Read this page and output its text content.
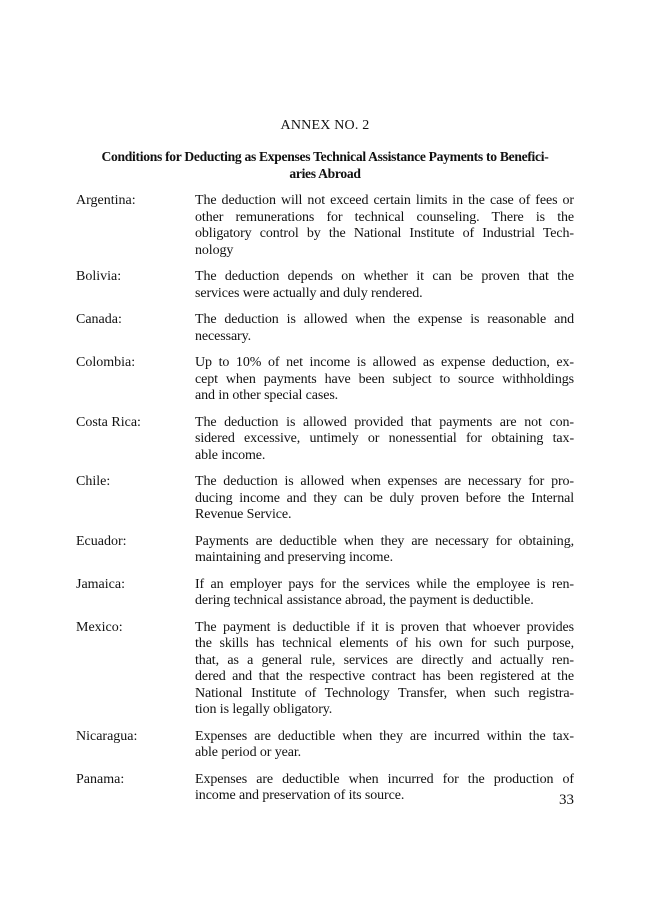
ANNEX NO. 2
Conditions for Deducting as Expenses Technical Assistance Payments to Benefici-
aries Abroad
Argentina:	The deduction will not exceed certain limits in the case of fees or
other remunerations for technical counseling. There is the
obligatory control by the National Institute of Industrial Tech-
nology
Bolivia:	The deduction depends on whether it can be proven that the
services were actually and duly rendered.
Canada:	The deduction is allowed when the expense is reasonable and
necessary.
Colombia:	Up to 10% of net income is allowed as expense deduction, ex-
cept when payments have been subject to source withholdings
and in other special cases.
Costa Rica:	The deduction is allowed provided that payments are not con-
sidered excessive, untimely or nonessential for obtaining tax-
able income.
Chile:	The deduction is allowed when expenses are necessary for pro-
ducing income and they can be duly proven before the Internal
Revenue Service.
Ecuador:	Payments are deductible when they are necessary for obtaining,
maintaining and preserving income.
Jamaica:	If an employer pays for the services while the employee is ren-
dering technical assistance abroad, the payment is deductible.
Mexico:	The payment is deductible if it is proven that whoever provides
the skills has technical elements of his own for such purpose,
that, as a general rule, services are directly and actually ren-
dered and that the respective contract has been registered at the
National Institute of Technology Transfer, when such registra-
tion is legally obligatory.
Nicaragua:	Expenses are deductible when they are incurred within the tax-
able period or year.
Panama:	Expenses are deductible when incurred for the production of
income and preservation of its source.	33
